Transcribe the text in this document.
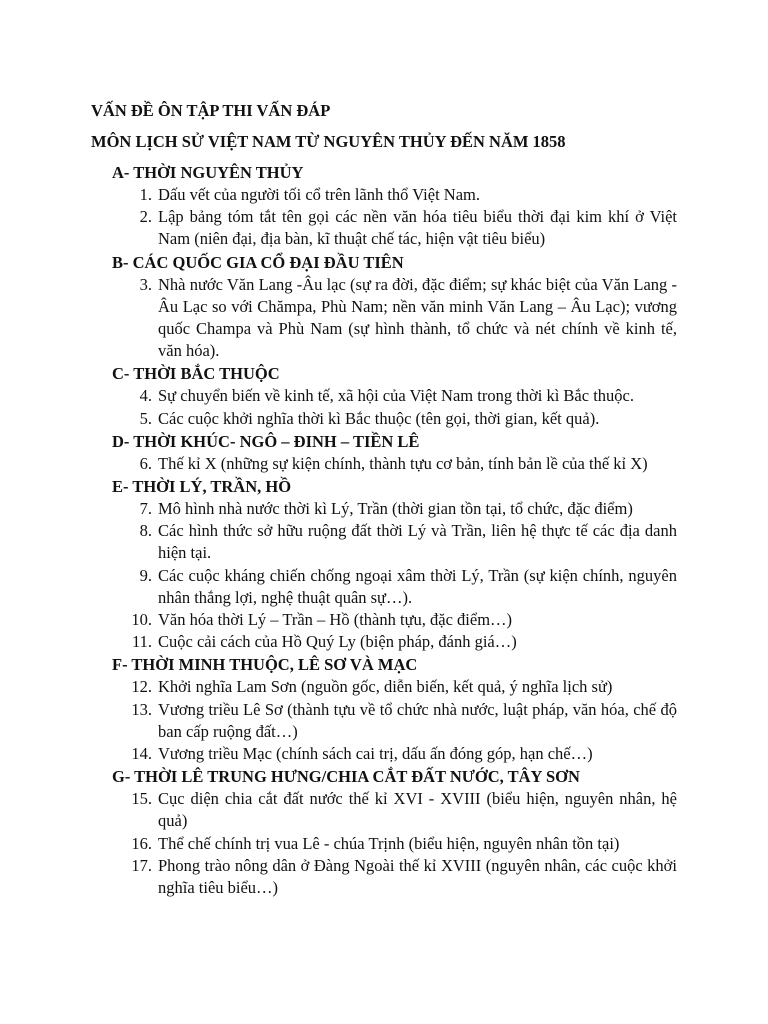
VẤN ĐỀ ÔN TẬP THI VẤN ĐÁP
MÔN LỊCH SỬ VIỆT NAM TỪ NGUYÊN THỦY ĐẾN NĂM 1858
A- THỜI NGUYÊN THỦY
1. Dấu vết của người tối cổ trên lãnh thổ Việt Nam.
2. Lập bảng tóm tắt tên gọi các nền văn hóa tiêu biểu thời đại kim khí ở Việt Nam (niên đại, địa bàn, kĩ thuật chế tác, hiện vật tiêu biểu)
B- CÁC QUỐC GIA CỔ ĐẠI ĐẦU TIÊN
3. Nhà nước Văn Lang -Âu lạc (sự ra đời, đặc điểm; sự khác biệt của Văn Lang - Âu Lạc so với Chămpa, Phù Nam; nền văn minh Văn Lang – Âu Lạc); vương quốc Champa và Phù Nam (sự hình thành, tổ chức và nét chính về kinh tế, văn hóa).
C- THỜI BẮC THUỘC
4. Sự chuyển biến về kinh tế, xã hội của Việt Nam trong thời kì Bắc thuộc.
5. Các cuộc khởi nghĩa thời kì Bắc thuộc (tên gọi, thời gian, kết quả).
D- THỜI KHÚC- NGÔ – ĐINH – TIỀN LÊ
6. Thế kỉ X (những sự kiện chính, thành tựu cơ bản, tính bản lề của thế kỉ X)
E- THỜI LÝ, TRẦN, HỒ
7. Mô hình nhà nước thời kì Lý, Trần (thời gian tồn tại, tổ chức, đặc điểm)
8. Các hình thức sở hữu ruộng đất thời Lý và Trần, liên hệ thực tế các địa danh hiện tại.
9. Các cuộc kháng chiến chống ngoại xâm thời Lý, Trần (sự kiện chính, nguyên nhân thắng lợi, nghệ thuật quân sự…).
10. Văn hóa thời Lý – Trần – Hồ (thành tựu, đặc điểm…)
11. Cuộc cải cách của Hồ Quý Ly (biện pháp, đánh giá…)
F- THỜI MINH THUỘC, LÊ SƠ VÀ MẠC
12. Khởi nghĩa Lam Sơn (nguồn gốc, diễn biến, kết quả, ý nghĩa lịch sử)
13. Vương triều Lê Sơ (thành tựu về tổ chức nhà nước, luật pháp, văn hóa, chế độ ban cấp ruộng đất…)
14. Vương triều Mạc (chính sách cai trị, dấu ấn đóng góp, hạn chế…)
G- THỜI LÊ TRUNG HƯNG/CHIA CẮT ĐẤT NƯỚC, TÂY SƠN
15. Cục diện chia cắt đất nước thế kỉ XVI - XVIII (biểu hiện, nguyên nhân, hệ quả)
16. Thể chế chính trị vua Lê - chúa Trịnh (biểu hiện, nguyên nhân tồn tại)
17. Phong trào nông dân ở Đàng Ngoài thế kỉ XVIII (nguyên nhân, các cuộc khởi nghĩa tiêu biểu…)
